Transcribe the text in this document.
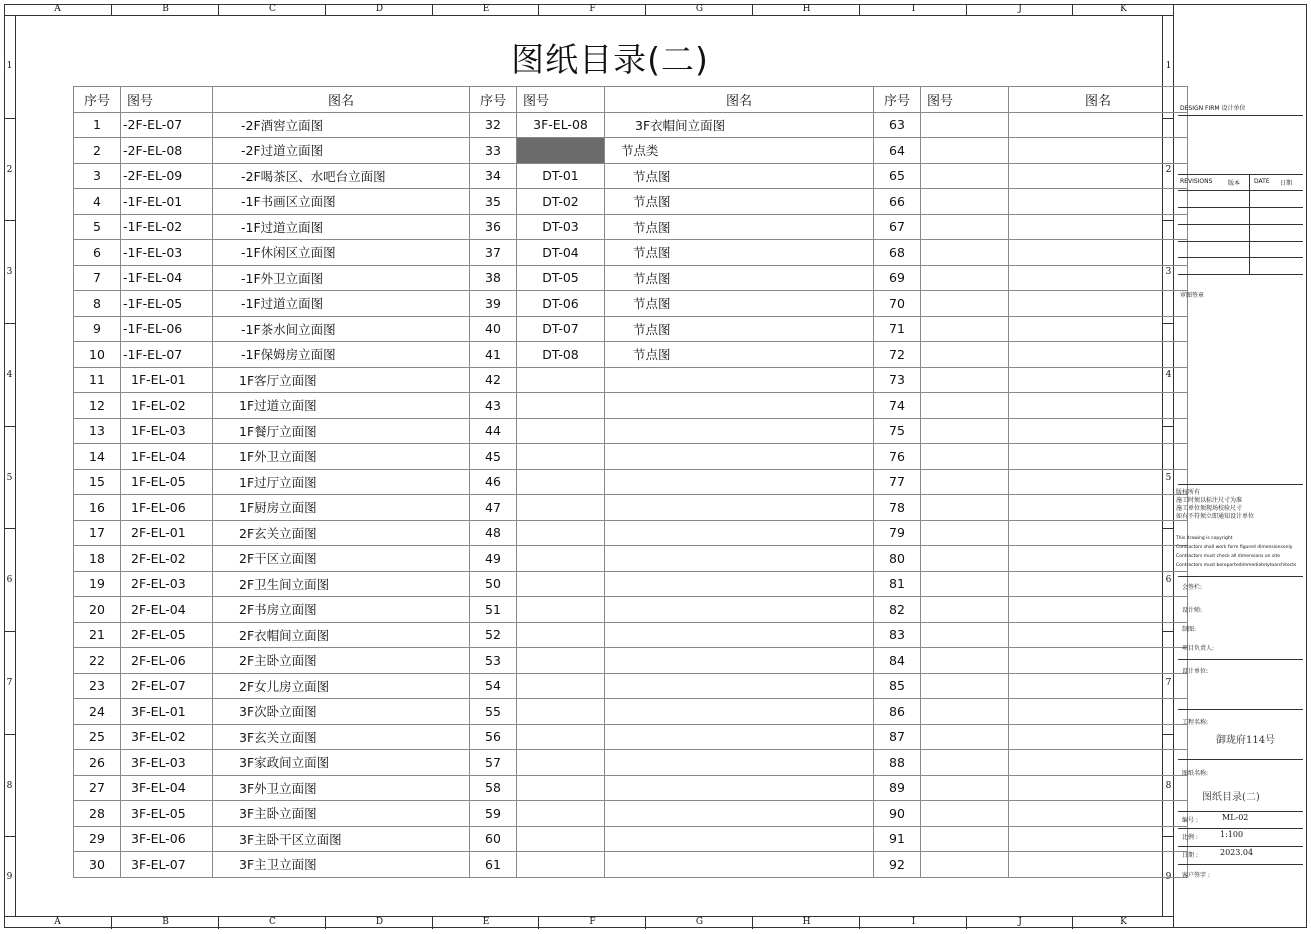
A	B	C	D	E	F	G	H	I	J	K
A	B	C	D	E	F	G	H	I	J	K
1
2
3
4
5
6
7
8
9
1
2
3
4
5
6
7
8
9
图纸目录(二)
序号	图号	图名	序号	图号	图名	序号	图号	图名
1	-2F-EL-07	-2F酒窖立面图	32	3F-EL-08	3F衣帽间立面图	63		
2	-2F-EL-08	-2F过道立面图	33		节点类	64		
3	-2F-EL-09	-2F喝茶区、水吧台立面图	34	DT-01	节点图	65		
4	-1F-EL-01	-1F书画区立面图	35	DT-02	节点图	66		
5	-1F-EL-02	-1F过道立面图	36	DT-03	节点图	67		
6	-1F-EL-03	-1F休闲区立面图	37	DT-04	节点图	68		
7	-1F-EL-04	-1F外卫立面图	38	DT-05	节点图	69		
8	-1F-EL-05	-1F过道立面图	39	DT-06	节点图	70		
9	-1F-EL-06	-1F茶水间立面图	40	DT-07	节点图	71		
10	-1F-EL-07	-1F保姆房立面图	41	DT-08	节点图	72		
11	1F-EL-01	1F客厅立面图	42			73		
12	1F-EL-02	1F过道立面图	43			74		
13	1F-EL-03	1F餐厅立面图	44			75		
14	1F-EL-04	1F外卫立面图	45			76		
15	1F-EL-05	1F过厅立面图	46			77		
16	1F-EL-06	1F厨房立面图	47			78		
17	2F-EL-01	2F玄关立面图	48			79		
18	2F-EL-02	2F干区立面图	49			80		
19	2F-EL-03	2F卫生间立面图	50			81		
20	2F-EL-04	2F书房立面图	51			82		
21	2F-EL-05	2F衣帽间立面图	52			83		
22	2F-EL-06	2F主卧立面图	53			84		
23	2F-EL-07	2F女儿房立面图	54			85		
24	3F-EL-01	3F次卧立面图	55			86		
25	3F-EL-02	3F玄关立面图	56			87		
26	3F-EL-03	3F家政间立面图	57			88		
27	3F-EL-04	3F外卫立面图	58			89		
28	3F-EL-05	3F主卧立面图	59			90		
29	3F-EL-06	3F主卧干区立面图	60			91		
30	3F-EL-07	3F主卫立面图	61			92		
DESIGN FIRM 设计单位
REVISIONS	版本 DATE 日期
审图签章
版权所有
施工时须以标注尺寸为准
施工单位须现场校验尺寸
如有不符须立即通知设计单位
This drawing is copyright
Contractors shall work form figured dimensionsonly
Contractors must check all dimensions on site
Contractors must bereportedimmediatelytoarchitects
会签栏:
设计师:
制图:
项目负责人:
设计单位:
工程名称:
御珑府114号
图纸名称:
图纸目录(二)
编号 :	ML-02
比例 :	1:100
日期 :	2023.04
客户签字 :
